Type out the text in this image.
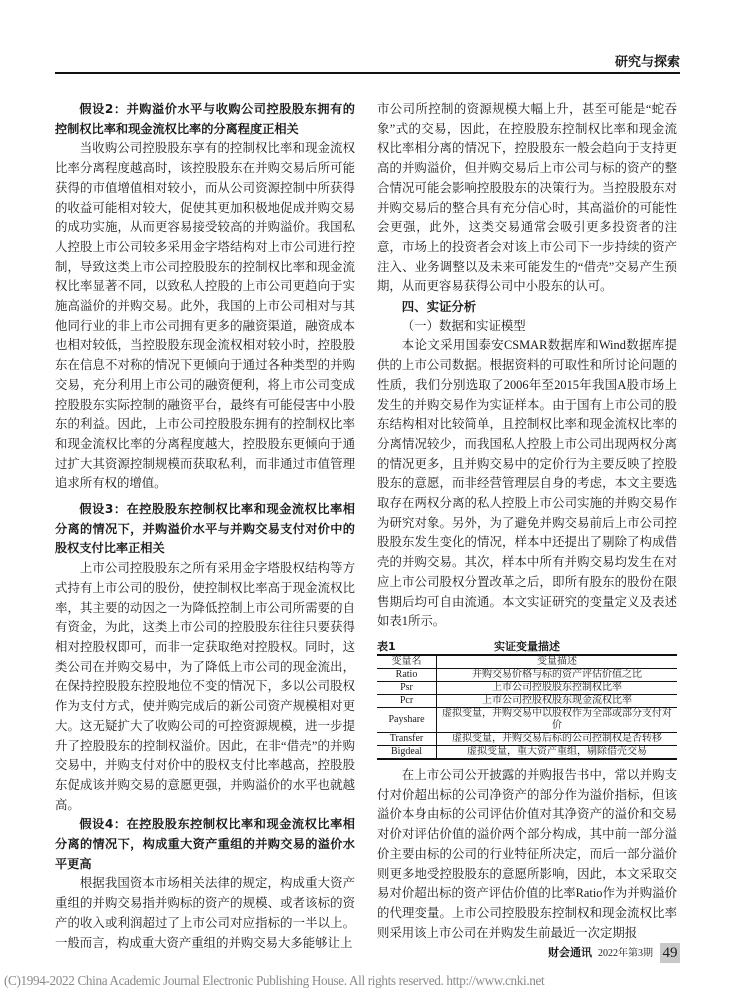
研究与探索

假设2：并购溢价水平与收购公司控股股东拥有的控制权比率和现金流权比率的分离程度正相关

当收购公司控股股东享有的控制权比率和现金流权比率分离程度越高时，该控股股东在并购交易后所可能获得的市值增值相对较小，而从公司资源控制中所获得的收益可能相对较大，促使其更加积极地促成并购交易的成功实施，从而更容易接受较高的并购溢价。我国私人控股上市公司较多采用金字塔结构对上市公司进行控制，导致这类上市公司控股股东的控制权比率和现金流权比率显著不同，以致私人控股的上市公司更趋向于实施高溢价的并购交易。此外，我国的上市公司相对与其他同行业的非上市公司拥有更多的融资渠道，融资成本也相对较低，当控股股东现金流权相对较小时，控股股东在信息不对称的情况下更倾向于通过各种类型的并购交易，充分利用上市公司的融资便利，将上市公司变成控股股东实际控制的融资平台，最终有可能侵害中小股东的利益。因此，上市公司控股股东拥有的控制权比率和现金流权比率的分离程度越大，控股股东更倾向于通过扩大其资源控制规模而获取私利，而非通过市值管理追求所有权的增值。

假设3：在控股股东控制权比率和现金流权比率相分离的情况下，并购溢价水平与并购交易支付对价中的股权支付比率正相关

上市公司控股股东之所有采用金字塔股权结构等方式持有上市公司的股份，使控制权比率高于现金流权比率，其主要的动因之一为降低控制上市公司所需要的自有资金，为此，这类上市公司的控股股东往往只要获得相对控股权即可，而非一定获取绝对控股权。同时，这类公司在并购交易中，为了降低上市公司的现金流出，在保持控股股东控股地位不变的情况下，多以公司股权作为支付方式，使并购完成后的新公司资产规模相对更大。这无疑扩大了收购公司的可控资源规模，进一步提升了控股股东的控制权溢价。因此，在非“借壳”的并购交易中，并购支付对价中的股权支付比率越高，控股股东促成该并购交易的意愿更强，并购溢价的水平也就越高。

假设4：在控股股东控制权比率和现金流权比率相分离的情况下，构成重大资产重组的并购交易的溢价水平更高

根据我国资本市场相关法律的规定，构成重大资产重组的并购交易指并购标的资产的规模、或者该标的资产的收入或利润超过了上市公司对应指标的一半以上。一般而言，构成重大资产重组的并购交易大多能够让上

市公司所控制的资源规模大幅上升，甚至可能是“蛇吞象”式的交易，因此，在控股股东控制权比率和现金流权比率相分离的情况下，控股股东一般会趋向于支持更高的并购溢价，但并购交易后上市公司与标的资产的整合情况可能会影响控股股东的决策行为。当控股股东对并购交易后的整合具有充分信心时，其高溢价的可能性会更强，此外，这类交易通常会吸引更多投资者的注意，市场上的投资者会对该上市公司下一步持续的资产注入、业务调整以及未来可能发生的“借壳”交易产生预期，从而更容易获得公司中小股东的认可。

四、实证分析

（一）数据和实证模型

本论文采用国泰安CSMAR数据库和Wind数据库提供的上市公司数据。根据资料的可取性和所讨论问题的性质，我们分别选取了2006年至2015年我国A股市场上发生的并购交易作为实证样本。由于国有上市公司的股东结构相对比较简单，且控制权比率和现金流权比率的分离情况较少，而我国私人控股上市公司出现两权分离的情况更多，且并购交易中的定价行为主要反映了控股股东的意愿，而非经营管理层自身的考虑，本文主要选取存在两权分离的私人控股上市公司实施的并购交易作为研究对象。另外，为了避免并购交易前后上市公司控股股东发生变化的情况，样本中还提出了剔除了构成借壳的并购交易。其次，样本中所有并购交易均发生在对应上市公司股权分置改革之后，即所有股东的股份在限售期后均可自由流通。本文实证研究的变量定义及表述如表1所示。

表1	实证变量描述
变量名	变量描述
Ratio	并购交易价格与标的资产评估价值之比
Psr	上市公司控股股东控制权比率
Pcr	上市公司控股权股东现金流权比率
Payshare	虚拟变量，并购交易中以股权作为全部或部分支付对价
Transfer	虚拟变量，并购交易后标的公司控制权是否转移
Bigdeal	虚拟变量，重大资产重组，剔除借壳交易

在上市公司公开披露的并购报告书中，常以并购支付对价超出标的公司净资产的部分作为溢价指标，但该溢价本身由标的公司评估价值对其净资产的溢价和交易对价对评估价值的溢价两个部分构成，其中前一部分溢价主要由标的公司的行业特征所决定，而后一部分溢价则更多地受控股股东的意愿所影响，因此，本文采取交易对价超出标的资产评估价值的比率Ratio作为并购溢价的代理变量。上市公司控股股东控制权和现金流权比率则采用该上市公司在并购发生前最近一次定期报

财会通讯 2022年第3期 49
(C)1994-2022 China Academic Journal Electronic Publishing House. All rights reserved. http://www.cnki.net
